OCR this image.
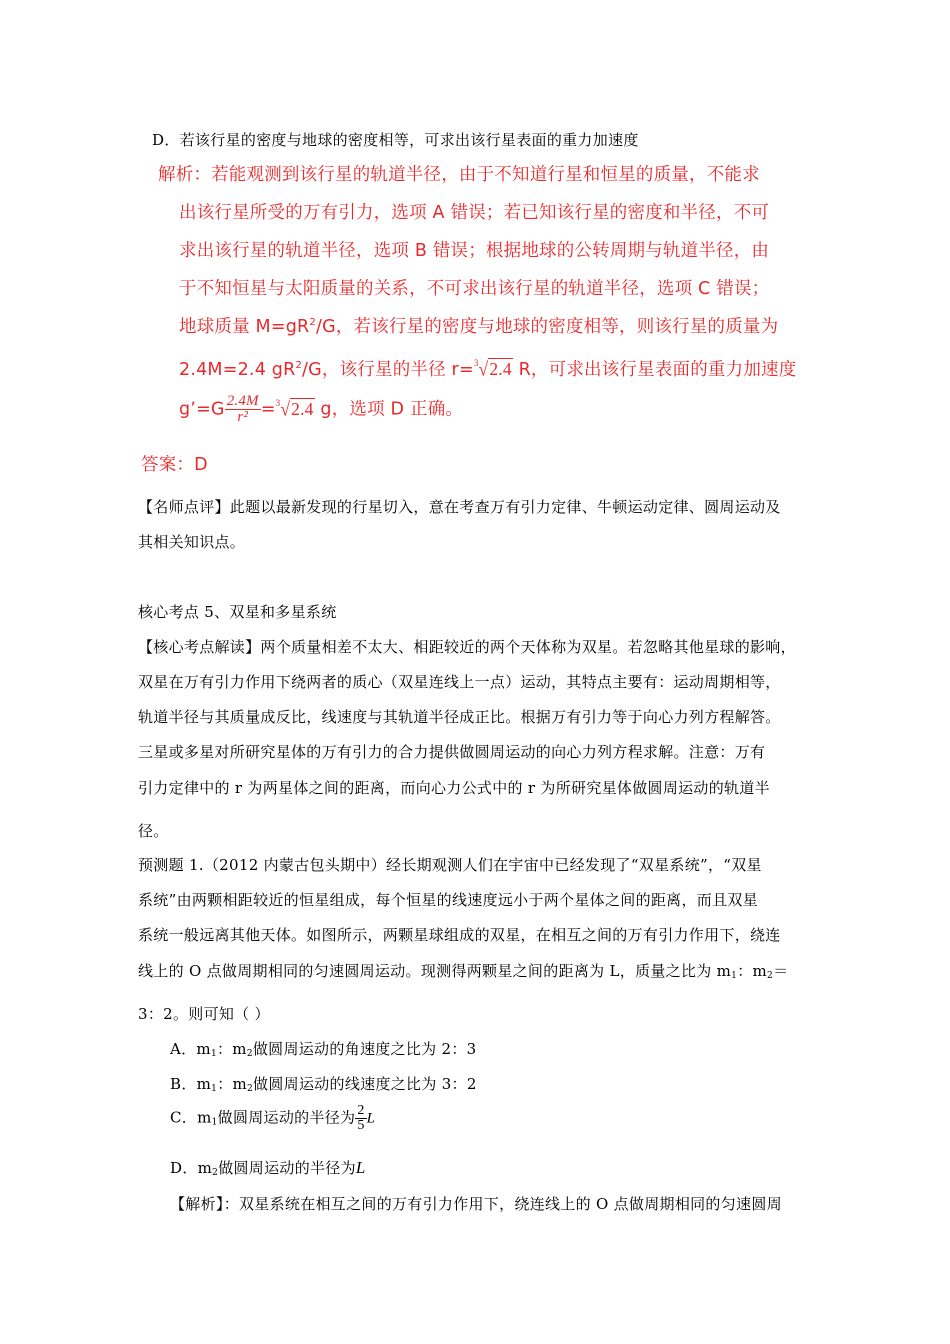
D．若该行星的密度与地球的密度相等，可求出该行星表面的重力加速度
解析：若能观测到该行星的轨道半径，由于不知道行星和恒星的质量，不能求
出该行星所受的万有引力，选项 A 错误；若已知该行星的密度和半径，不可
求出该行星的轨道半径，选项 B 错误；根据地球的公转周期与轨道半径，由
于不知恒星与太阳质量的关系，不可求出该行星的轨道半径，选项 C 错误；
地球质量 $M=gR^2/G$，若该行星的密度与地球的密度相等，则该行星的质量为
2.4M=2.4 $gR^2/G$，该行星的半径 r=$^3$√2.4 R，可求出该行星表面的重力加速度
g’=G $\frac{2.4M}{\text{r²}} =^3√2.4$ g，选项 D 正确。
答案：D
【名师点评】此题以最新发现的行星切入，意在考查万有引力定律、牛顿运动定律、圆周运动及
其相关知识点。
核心考点 5、双星和多星系统
【核心考点解读】两个质量相差不太大、相距较近的两个天体称为双星。若忽略其他星球的影响，
双星在万有引力作用下绕两者的质心（双星连线上一点）运动，其特点主要有：运动周期相等，
轨道半径与其质量成反比，线速度与其轨道半径成正比。根据万有引力等于向心力列方程解答。
三星或多星对所研究星体的万有引力的合力提供做圆周运动的向心力列方程求解。注意：万有
引力定律中的 r 为两星体之间的距离，而向心力公式中的 r 为所研究星体做圆周运动的轨道半
径。
预测题 1.（2012 内蒙古包头期中）经长期观测人们在宇宙中已经发现了“双星系统”，“双星
系统”由两颗相距较近的恒星组成，每个恒星的线速度远小于两个星体之间的距离，而且双星
系统一般远离其他天体。如图所示，两颗星球组成的双星，在相互之间的万有引力作用下，绕连
线上的 O 点做周期相同的匀速圆周运动。现测得两颗星之间的距离为 L，质量之比为 $m_1$：$m_2=$
3：2。则可知（ ）
A．$m_1$：$m_2$做圆周运动的角速度之比为 2：3
B．$m_1$：$m_2$做圆周运动的线速度之比为 3：2
C．$m_1$做圆周运动的半径为 $\frac{2}{5}$ L
D．$m_2$做圆周运动的半径为L
【解析】：双星系统在相互之间的万有引力作用下，绕连线上的 O 点做周期相同的匀速圆周
